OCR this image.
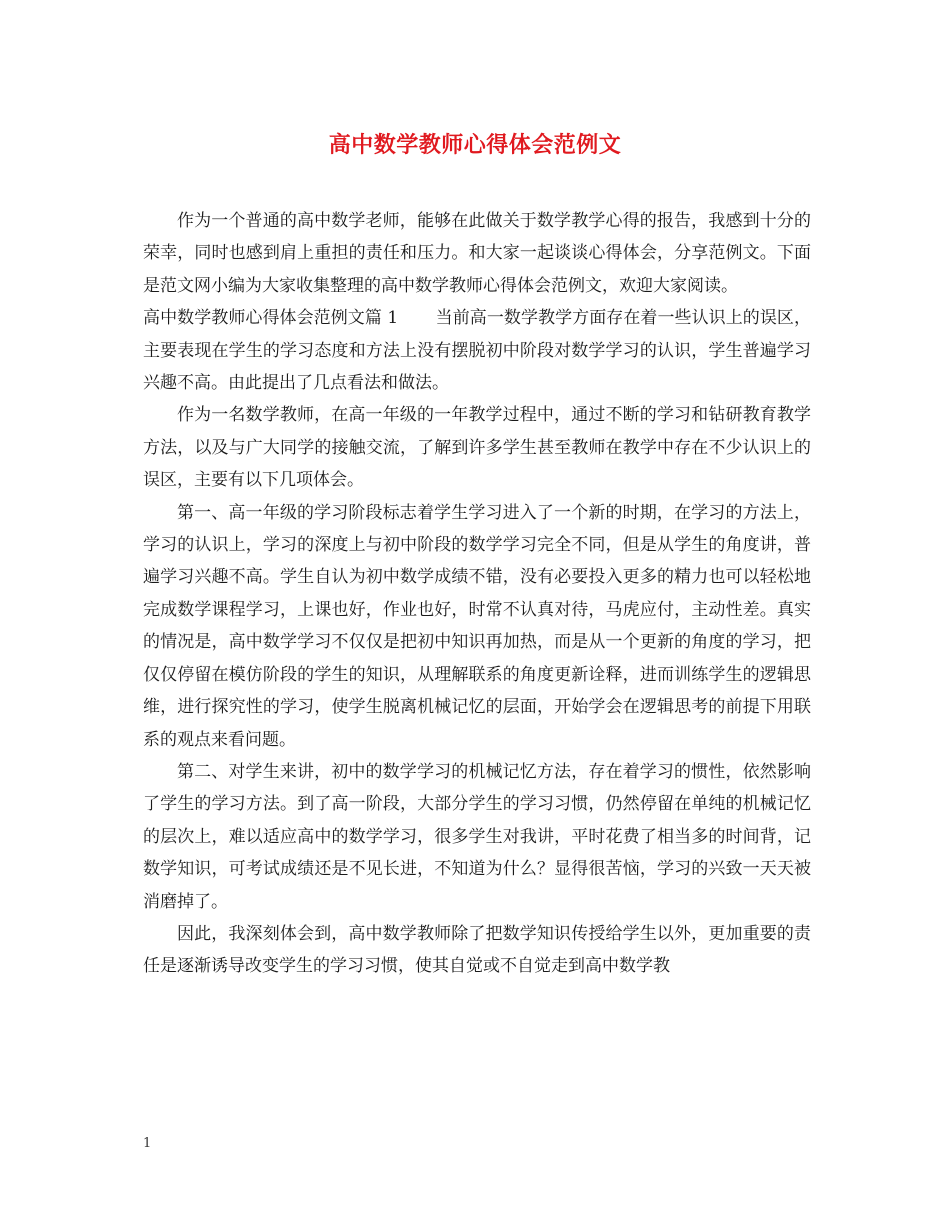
高中数学教师心得体会范例文

作为一个普通的高中数学老师，能够在此做关于数学教学心得的报告，我感到十分的荣幸，同时也感到肩上重担的责任和压力。和大家一起谈谈心得体会，分享范例文。下面是范文网小编为大家收集整理的高中数学教师心得体会范例文，欢迎大家阅读。

高中数学教师心得体会范例文篇 1 当前高一数学教学方面存在着一些认识上的误区，主要表现在学生的学习态度和方法上没有摆脱初中阶段对数学学习的认识，学生普遍学习兴趣不高。由此提出了几点看法和做法。

作为一名数学教师，在高一年级的一年教学过程中，通过不断的学习和钻研教育教学方法，以及与广大同学的接触交流，了解到许多学生甚至教师在教学中存在不少认识上的误区，主要有以下几项体会。

第一、高一年级的学习阶段标志着学生学习进入了一个新的时期，在学习的方法上，学习的认识上，学习的深度上与初中阶段的数学学习完全不同，但是从学生的角度讲，普遍学习兴趣不高。学生自认为初中数学成绩不错，没有必要投入更多的精力也可以轻松地完成数学课程学习，上课也好，作业也好，时常不认真对待，马虎应付，主动性差。真实的情况是，高中数学学习不仅仅是把初中知识再加热，而是从一个更新的角度的学习，把仅仅停留在模仿阶段的学生的知识，从理解联系的角度更新诠释，进而训练学生的逻辑思维，进行探究性的学习，使学生脱离机械记忆的层面，开始学会在逻辑思考的前提下用联系的观点来看问题。

第二、对学生来讲，初中的数学学习的机械记忆方法，存在着学习的惯性，依然影响了学生的学习方法。到了高一阶段，大部分学生的学习习惯，仍然停留在单纯的机械记忆的层次上，难以适应高中的数学学习，很多学生对我讲，平时花费了相当多的时间背，记数学知识，可考试成绩还是不见长进，不知道为什么？显得很苦恼，学习的兴致一天天被消磨掉了。

因此，我深刻体会到，高中数学教师除了把数学知识传授给学生以外，更加重要的责任是逐渐诱导改变学生的学习习惯，使其自觉或不自觉走到高中数学教

1
